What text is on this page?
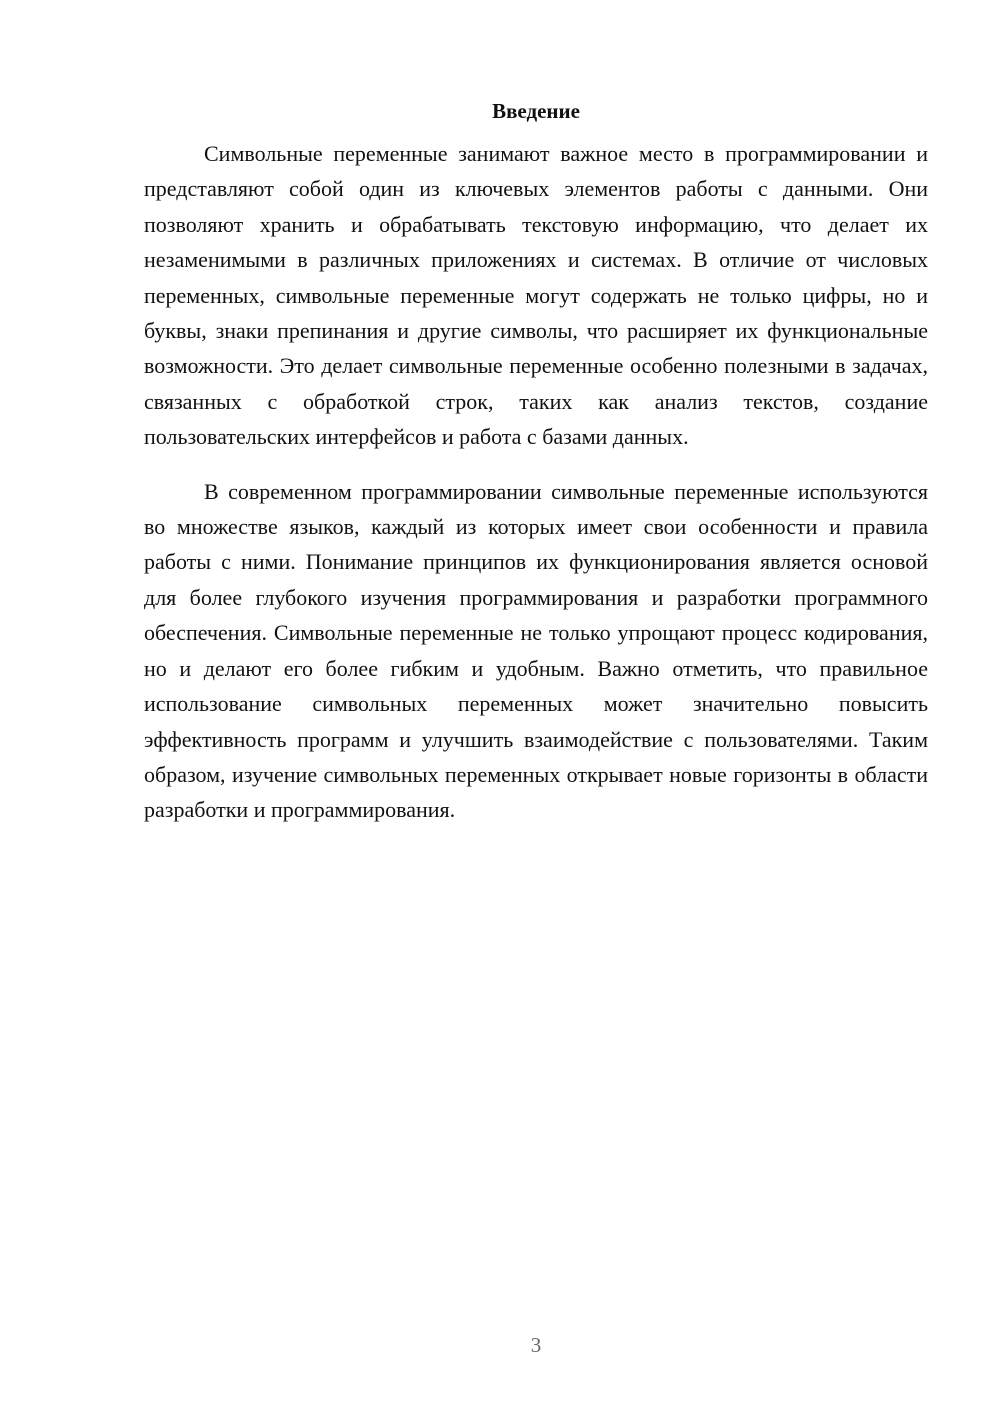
Введение

Символьные переменные занимают важное место в программировании и представляют собой один из ключевых элементов работы с данными. Они позволяют хранить и обрабатывать текстовую информацию, что делает их незаменимыми в различных приложениях и системах. В отличие от числовых переменных, символьные переменные могут содержать не только цифры, но и буквы, знаки препинания и другие символы, что расширяет их функциональные возможности. Это делает символьные переменные особенно полезными в задачах, связанных с обработкой строк, таких как анализ текстов, создание пользовательских интерфейсов и работа с базами данных.

В современном программировании символьные переменные используются во множестве языков, каждый из которых имеет свои особенности и правила работы с ними. Понимание принципов их функционирования является основой для более глубокого изучения программирования и разработки программного обеспечения. Символьные переменные не только упрощают процесс кодирования, но и делают его более гибким и удобным. Важно отметить, что правильное использование символьных переменных может значительно повысить эффективность программ и улучшить взаимодействие с пользователями. Таким образом, изучение символьных переменных открывает новые горизонты в области разработки и программирования.

3
